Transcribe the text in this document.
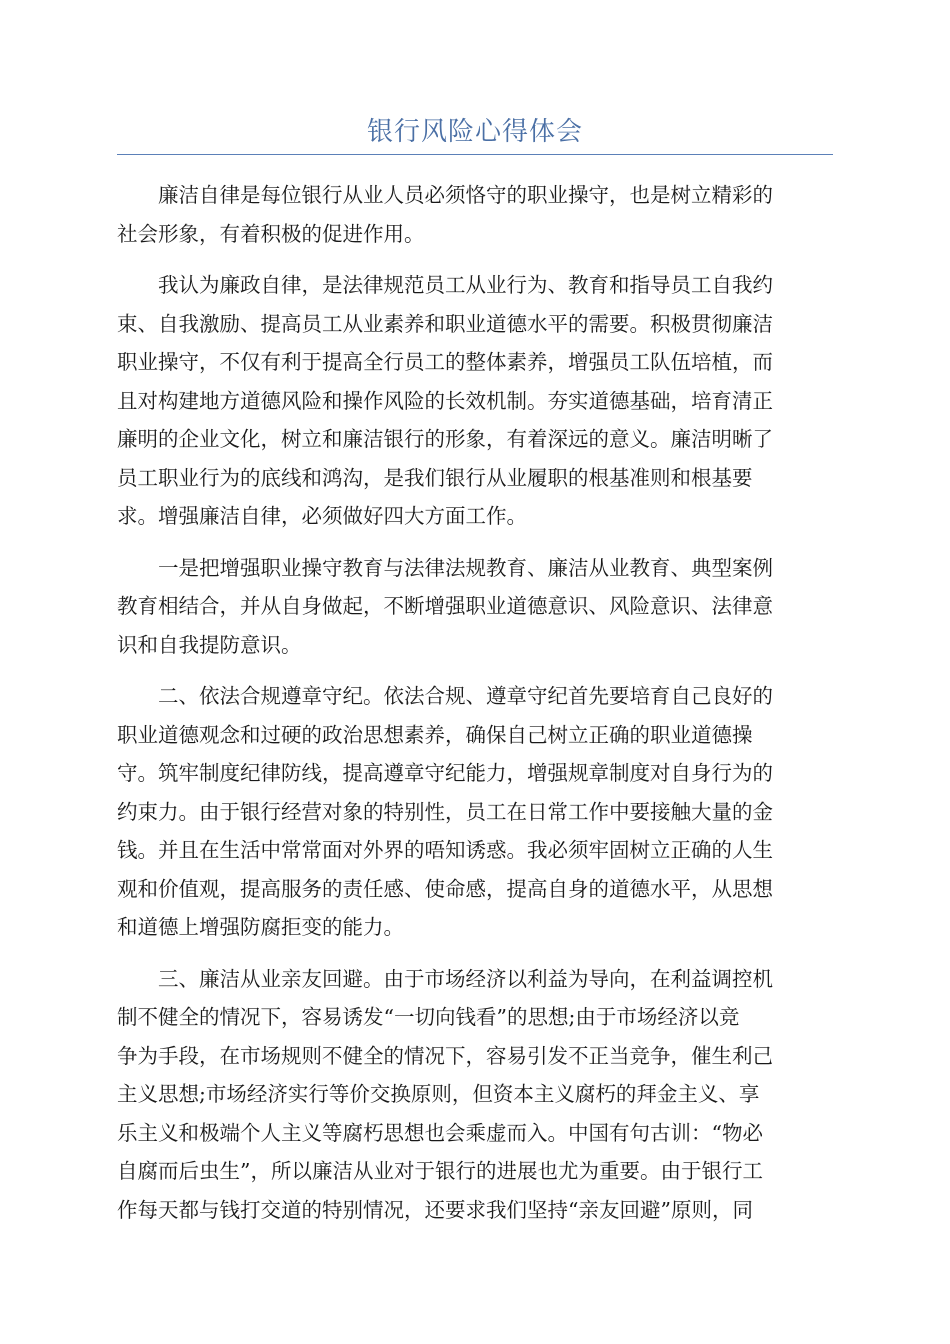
银行风险心得体会

廉洁自律是每位银行从业人员必须恪守的职业操守，也是树立精彩的
社会形象，有着积极的促进作用。

我认为廉政自律，是法律规范员工从业行为、教育和指导员工自我约
束、自我激励、提高员工从业素养和职业道德水平的需要。积极贯彻廉洁
职业操守，不仅有利于提高全行员工的整体素养，增强员工队伍培植，而
且对构建地方道德风险和操作风险的长效机制。夯实道德基础，培育清正
廉明的企业文化，树立和廉洁银行的形象，有着深远的意义。廉洁明晰了
员工职业行为的底线和鸿沟，是我们银行从业履职的根基准则和根基要
求。增强廉洁自律，必须做好四大方面工作。

一是把增强职业操守教育与法律法规教育、廉洁从业教育、典型案例
教育相结合，并从自身做起，不断增强职业道德意识、风险意识、法律意
识和自我提防意识。

二、依法合规遵章守纪。依法合规、遵章守纪首先要培育自己良好的
职业道德观念和过硬的政治思想素养，确保自己树立正确的职业道德操
守。筑牢制度纪律防线，提高遵章守纪能力，增强规章制度对自身行为的
约束力。由于银行经营对象的特别性，员工在日常工作中要接触大量的金
钱。并且在生活中常常面对外界的唔知诱惑。我必须牢固树立正确的人生
观和价值观，提高服务的责任感、使命感，提高自身的道德水平，从思想
和道德上增强防腐拒变的能力。

三、廉洁从业亲友回避。由于市场经济以利益为导向，在利益调控机
制不健全的情况下，容易诱发“一切向钱看”的思想;由于市场经济以竞
争为手段，在市场规则不健全的情况下，容易引发不正当竞争，催生利己
主义思想;市场经济实行等价交换原则，但资本主义腐朽的拜金主义、享
乐主义和极端个人主义等腐朽思想也会乘虚而入。中国有句古训：“物必
自腐而后虫生”，所以廉洁从业对于银行的进展也尤为重要。由于银行工
作每天都与钱打交道的特别情况，还要求我们坚持“亲友回避”原则，同
